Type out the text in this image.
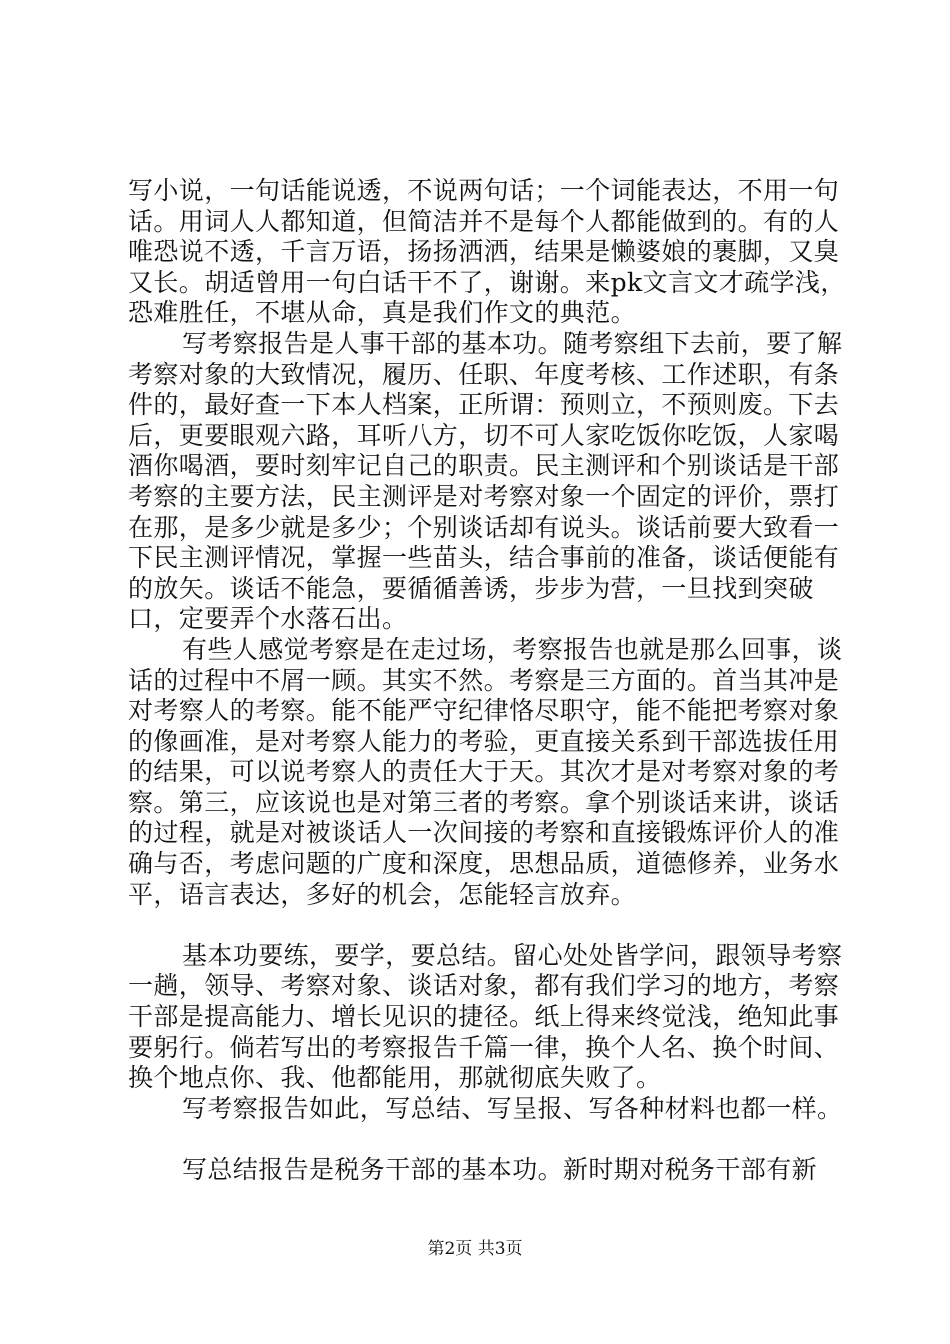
写小说，一句话能说透，不说两句话；一个词能表达，不用一句话。用词人人都知道，但简洁并不是每个人都能做到的。有的人唯恐说不透，千言万语，扬扬洒洒，结果是懒婆娘的裹脚，又臭又长。胡适曾用一句白话干不了，谢谢。来pk文言文才疏学浅，恐难胜任，不堪从命，真是我们作文的典范。

写考察报告是人事干部的基本功。随考察组下去前，要了解考察对象的大致情况，履历、任职、年度考核、工作述职，有条件的，最好查一下本人档案，正所谓：预则立，不预则废。下去后，更要眼观六路，耳听八方，切不可人家吃饭你吃饭，人家喝酒你喝酒，要时刻牢记自己的职责。民主测评和个别谈话是干部考察的主要方法，民主测评是对考察对象一个固定的评价，票打在那，是多少就是多少；个别谈话却有说头。谈话前要大致看一下民主测评情况，掌握一些苗头，结合事前的准备，谈话便能有的放矢。谈话不能急，要循循善诱，步步为营，一旦找到突破口，定要弄个水落石出。

有些人感觉考察是在走过场，考察报告也就是那么回事，谈话的过程中不屑一顾。其实不然。考察是三方面的。首当其冲是对考察人的考察。能不能严守纪律恪尽职守，能不能把考察对象的像画准，是对考察人能力的考验，更直接关系到干部选拔任用的结果，可以说考察人的责任大于天。其次才是对考察对象的考察。第三，应该说也是对第三者的考察。拿个别谈话来讲，谈话的过程，就是对被谈话人一次间接的考察和直接锻炼评价人的准确与否，考虑问题的广度和深度，思想品质，道德修养，业务水平，语言表达，多好的机会，怎能轻言放弃。

基本功要练，要学，要总结。留心处处皆学问，跟领导考察一趟，领导、考察对象、谈话对象，都有我们学习的地方，考察干部是提高能力、增长见识的捷径。纸上得来终觉浅，绝知此事要躬行。倘若写出的考察报告千篇一律，换个人名、换个时间、换个地点你、我、他都能用，那就彻底失败了。

写考察报告如此，写总结、写呈报、写各种材料也都一样。

写总结报告是税务干部的基本功。新时期对税务干部有新

第2页 共3页
